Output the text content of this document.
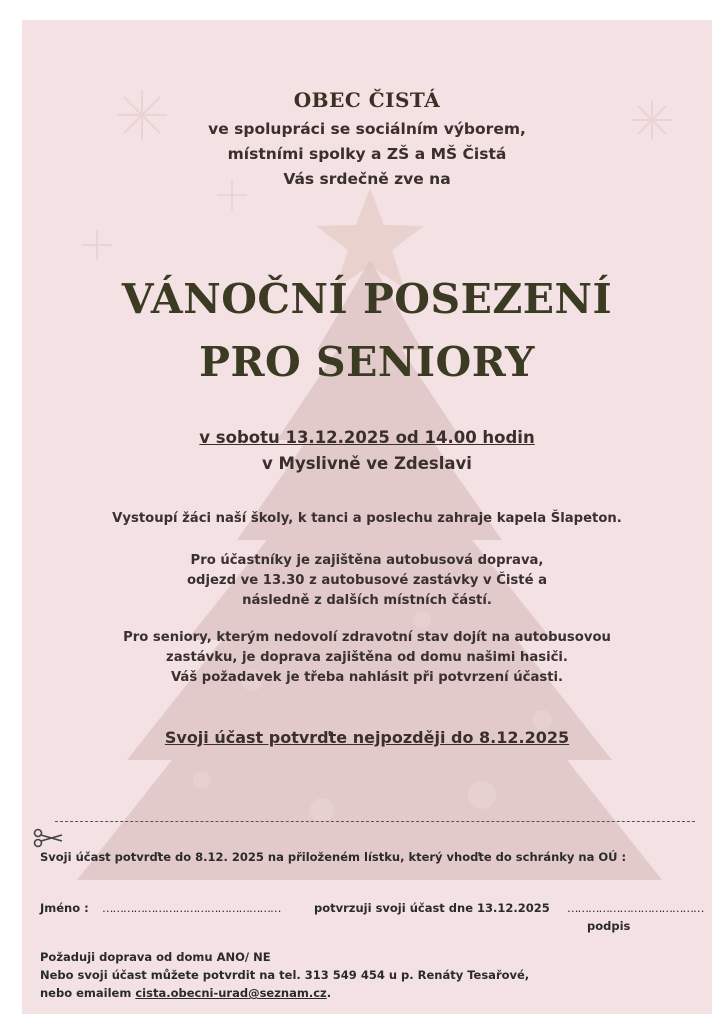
OBEC ČISTÁ
ve spolupráci se sociálním výborem,
místními spolky a ZŠ a MŠ Čistá
Vás srdečně zve na
VÁNOČNÍ POSEZENÍ
PRO SENIORY
v sobotu 13.12.2025 od 14.00 hodin
v Myslivně ve Zdeslavi
Vystoupí žáci naší školy, k tanci a poslechu zahraje kapela Šlapeton.
Pro účastníky je zajištěna autobusová doprava,
odjezd ve 13.30 z autobusové zastávky v Čisté a
následně z dalších místních částí.
Pro seniory, kterým nedovolí zdravotní stav dojít na autobusovou
zastávku, je doprava zajištěna od domu našimi hasiči.
Váš požadavek je třeba nahlásit při potvrzení účasti.
Svoji účast potvrďte nejpozději do 8.12.2025
Svoji účast potvrďte do 8.12. 2025 na přiloženém lístku, který vhoďte do schránky na OÚ :
Jméno : ……………………………………………	potvrzuji svoji účast dne 13.12.2025 …………………………………
podpis
Požaduji doprava od domu ANO/ NE
Nebo svoji účast můžete potvrdit na tel. 313 549 454 u p. Renáty Tesařové,
nebo emailem cista.obecni-urad@seznam.cz.
